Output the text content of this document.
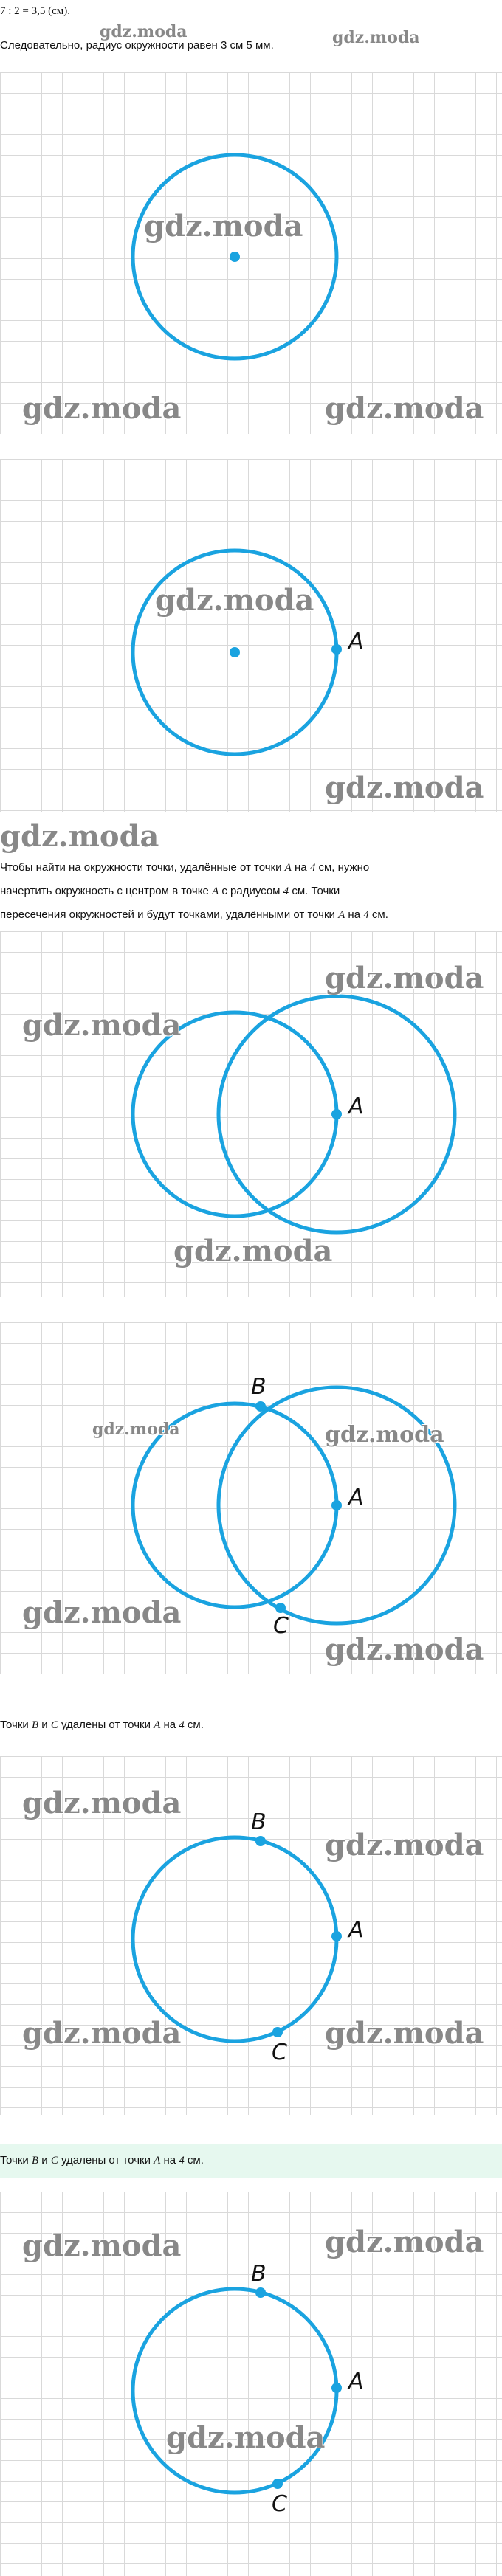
7 : 2 = 3,5 (см).
Следовательно, радиус окружности равен 3 см 5 мм.
gdz.moda	gdz.moda
gdz.moda
gdz.moda	gdz.moda
A
gdz.moda
gdz.moda
gdz.moda
Чтобы найти на окружности точки, удалённые от точки A на 4 см, нужно
начертить окружность с центром в точке A с радиусом 4 см. Точки
пересечения окружностей и будут точками, удалёнными от точки A на 4 см.
A
gdz.moda
gdz.moda
gdz.moda
A
B
C
gdz.moda	gdz.moda
gdz.moda
gdz.moda
Точки B и C удалены от точки A на 4 см.
A
B
C
gdz.moda
gdz.moda
gdz.moda	gdz.moda
Точки B и C удалены от точки A на 4 см.
A
B
C
gdz.moda	gdz.moda
gdz.moda
